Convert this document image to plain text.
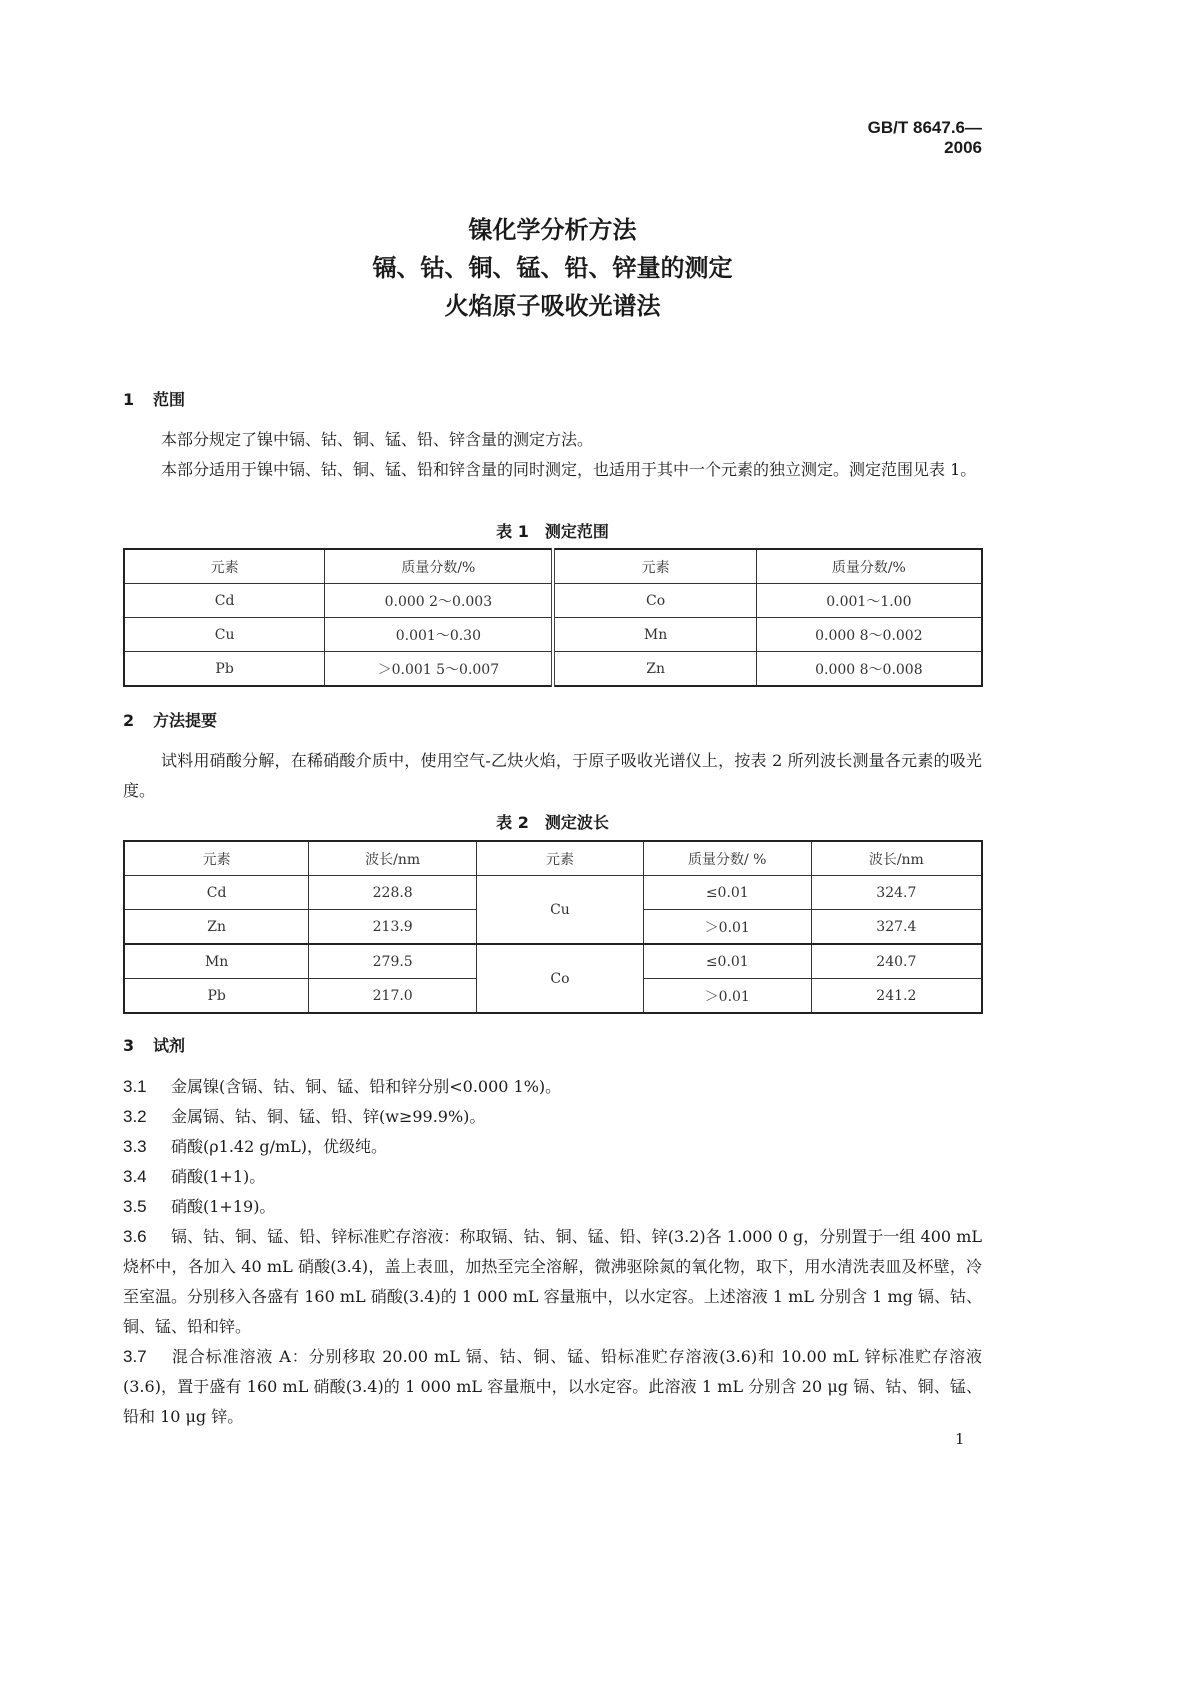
GB/T 8647.6—2006
镍化学分析方法
镉、钴、铜、锰、铅、锌量的测定
火焰原子吸收光谱法
1 范围
本部分规定了镍中镉、钴、铜、锰、铅、锌含量的测定方法。
本部分适用于镍中镉、钴、铜、锰、铅和锌含量的同时测定，也适用于其中一个元素的独立测定。测定范围见表 1。
表 1　测定范围
元素	质量分数/%	元素	质量分数/%
Cd	0.000 2～0.003	Co	0.001～1.00
Cu	0.001～0.30	Mn	0.000 8～0.002
Pb	＞0.001 5～0.007	Zn	0.000 8～0.008
2 方法提要
试料用硝酸分解，在稀硝酸介质中，使用空气-乙炔火焰，于原子吸收光谱仪上，按表 2 所列波长测量各元素的吸光度。
表 2　测定波长
元素	波长/nm	元素	质量分数/ %	波长/nm
Cd	228.8	Cu	≤0.01	324.7
Zn	213.9		＞0.01	327.4
Mn	279.5	Co	≤0.01	240.7
Pb	217.0		＞0.01	241.2
3 试剂
3.1 金属镍(含镉、钴、铜、锰、铅和锌分别<0.000 1%)。
3.2 金属镉、钴、铜、锰、铅、锌(w≥99.9%)。
3.3 硝酸(ρ1.42 g/mL)，优级纯。
3.4 硝酸(1+1)。
3.5 硝酸(1+19)。
3.6 镉、钴、铜、锰、铅、锌标准贮存溶液：称取镉、钴、铜、锰、铅、锌(3.2)各 1.000 0 g，分别置于一组 400 mL 烧杯中，各加入 40 mL 硝酸(3.4)，盖上表皿，加热至完全溶解，微沸驱除氮的氧化物，取下，用水清洗表皿及杯壁，冷至室温。分别移入各盛有 160 mL 硝酸(3.4)的 1 000 mL 容量瓶中，以水定容。上述溶液 1 mL 分别含 1 mg 镉、钴、铜、锰、铅和锌。
3.7 混合标准溶液 A：分别移取 20.00 mL 镉、钴、铜、锰、铅标准贮存溶液(3.6)和 10.00 mL 锌标准贮存溶液(3.6)，置于盛有 160 mL 硝酸(3.4)的 1 000 mL 容量瓶中，以水定容。此溶液 1 mL 分别含 20 μg 镉、钴、铜、锰、铅和 10 μg 锌。
1
